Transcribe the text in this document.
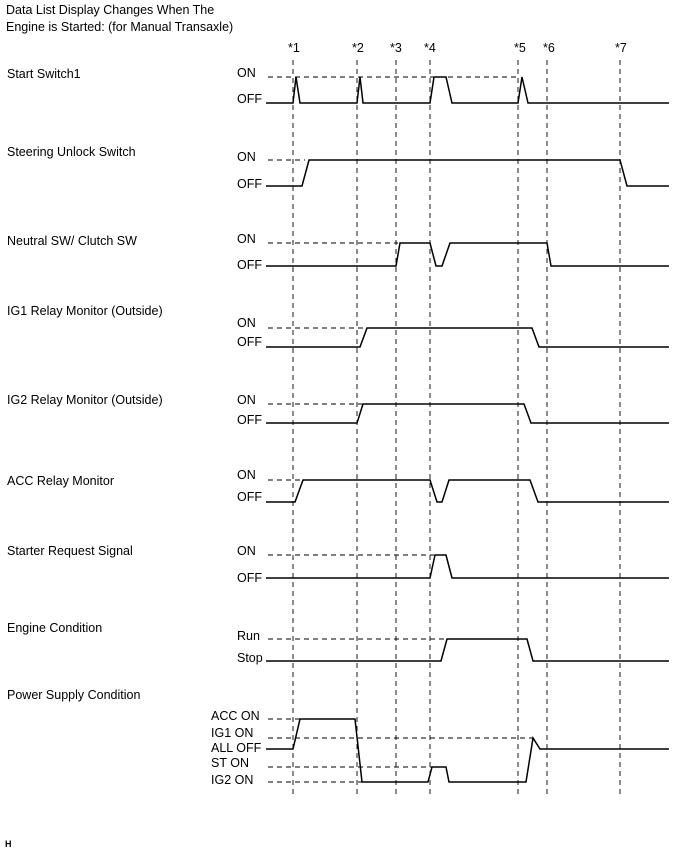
Data List Display Changes When The
Engine is Started: (for Manual Transaxle)
*1	*2 *3 *4	*5 *6	*7
Start Switch1	ON
OFF
Steering Unlock Switch	ON
OFF
Neutral SW/ Clutch SW	ON
OFF
IG1 Relay Monitor (Outside)
ON
OFF
IG2 Relay Monitor (Outside)	ON
OFF
ACC Relay Monitor	ON
OFF
Starter Request Signal	ON
OFF
Engine Condition
Run
Stop
Power Supply Condition
ACC ON
IG1 ON
ALL OFF
ST ON
IG2 ON
H
